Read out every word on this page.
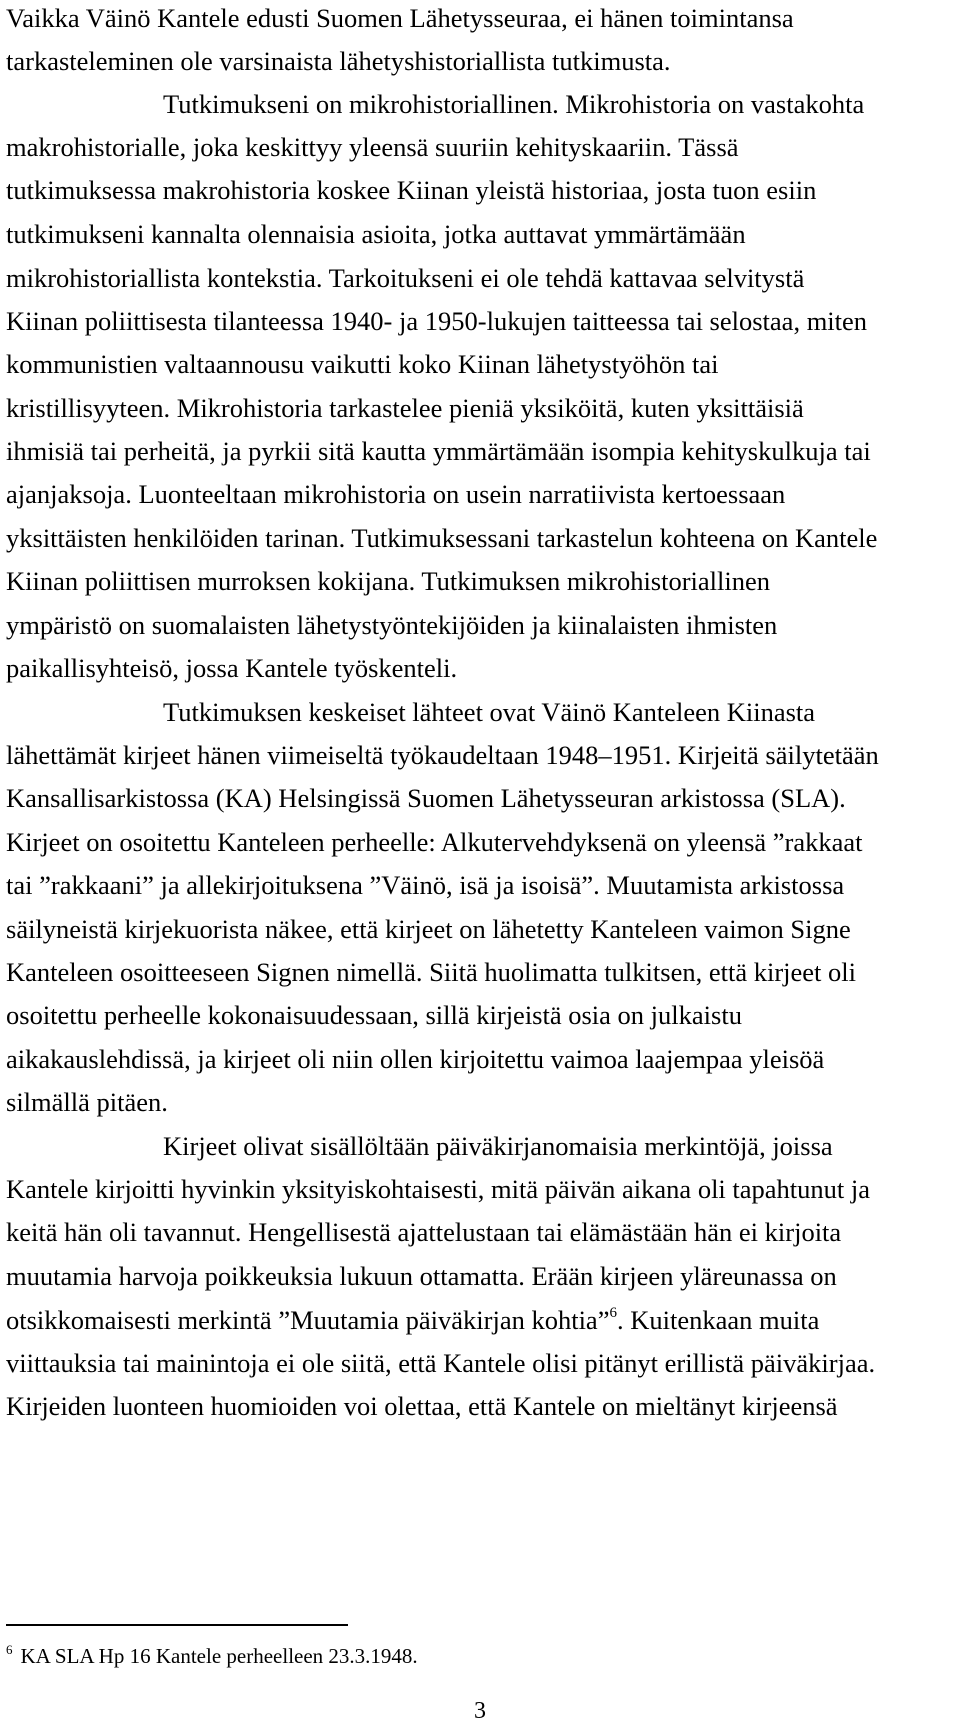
Vaikka Väinö Kantele edusti Suomen Lähetysseuraa, ei hänen toimintansa
tarkasteleminen ole varsinaista lähetyshistoriallista tutkimusta.
Tutkimukseni on mikrohistoriallinen. Mikrohistoria on vastakohta
makrohistorialle, joka keskittyy yleensä suuriin kehityskaariin. Tässä
tutkimuksessa makrohistoria koskee Kiinan yleistä historiaa, josta tuon esiin
tutkimukseni kannalta olennaisia asioita, jotka auttavat ymmärtämään
mikrohistoriallista kontekstia. Tarkoitukseni ei ole tehdä kattavaa selvitystä
Kiinan poliittisesta tilanteessa 1940- ja 1950-lukujen taitteessa tai selostaa, miten
kommunistien valtaannousu vaikutti koko Kiinan lähetystyöhön tai
kristillisyyteen. Mikrohistoria tarkastelee pieniä yksiköitä, kuten yksittäisiä
ihmisiä tai perheitä, ja pyrkii sitä kautta ymmärtämään isompia kehityskulkuja tai
ajanjaksoja. Luonteeltaan mikrohistoria on usein narratiivista kertoessaan
yksittäisten henkilöiden tarinan. Tutkimuksessani tarkastelun kohteena on Kantele
Kiinan poliittisen murroksen kokijana. Tutkimuksen mikrohistoriallinen
ympäristö on suomalaisten lähetystyöntekijöiden ja kiinalaisten ihmisten
paikallisyhteisö, jossa Kantele työskenteli.
Tutkimuksen keskeiset lähteet ovat Väinö Kanteleen Kiinasta
lähettämät kirjeet hänen viimeiseltä työkaudeltaan 1948–1951. Kirjeitä säilytetään
Kansallisarkistossa (KA) Helsingissä Suomen Lähetysseuran arkistossa (SLA).
Kirjeet on osoitettu Kanteleen perheelle: Alkutervehdyksenä on yleensä ”rakkaat
tai ”rakkaani” ja allekirjoituksena ”Väinö, isä ja isoisä”. Muutamista arkistossa
säilyneistä kirjekuorista näkee, että kirjeet on lähetetty Kanteleen vaimon Signe
Kanteleen osoitteeseen Signen nimellä. Siitä huolimatta tulkitsen, että kirjeet oli
osoitettu perheelle kokonaisuudessaan, sillä kirjeistä osia on julkaistu
aikakauslehdissä, ja kirjeet oli niin ollen kirjoitettu vaimoa laajempaa yleisöä
silmällä pitäen.
Kirjeet olivat sisällöltään päiväkirjanomaisia merkintöjä, joissa
Kantele kirjoitti hyvinkin yksityiskohtaisesti, mitä päivän aikana oli tapahtunut ja
keitä hän oli tavannut. Hengellisestä ajattelustaan tai elämästään hän ei kirjoita
muutamia harvoja poikkeuksia lukuun ottamatta. Erään kirjeen yläreunassa on
otsikkomaisesti merkintä ”Muutamia päiväkirjan kohtia”$^6$. Kuitenkaan muita
viittauksia tai mainintoja ei ole siitä, että Kantele olisi pitänyt erillistä päiväkirjaa.
Kirjeiden luonteen huomioiden voi olettaa, että Kantele on mieltänyt kirjeensä
$^6$ KA SLA Hp 16 Kantele perheelleen 23.3.1948.
3
